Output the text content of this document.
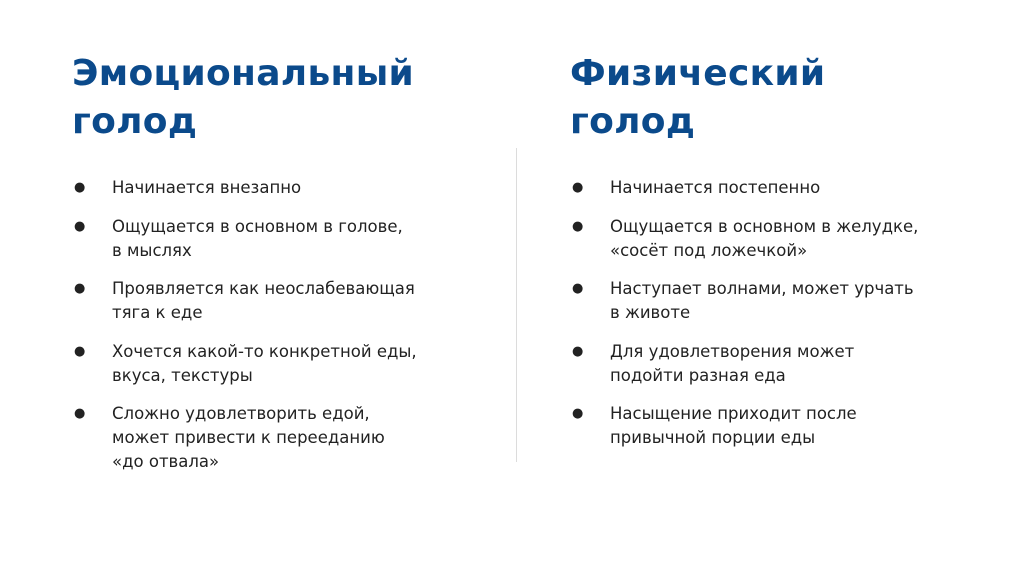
Эмоциональный
голод
● Начинается внезапно
● Ощущается в основном в голове,
в мыслях
● Проявляется как неослабевающая
тяга к еде
● Хочется какой-то конкретной еды,
вкуса, текстуры
● Сложно удовлетворить едой,
может привести к перееданию
«до отвала»
Физический
голод
● Начинается постепенно
● Ощущается в основном в желудке,
«сосёт под ложечкой»
● Наступает волнами, может урчать
в животе
● Для удовлетворения может
подойти разная еда
● Насыщение приходит после
привычной порции еды
